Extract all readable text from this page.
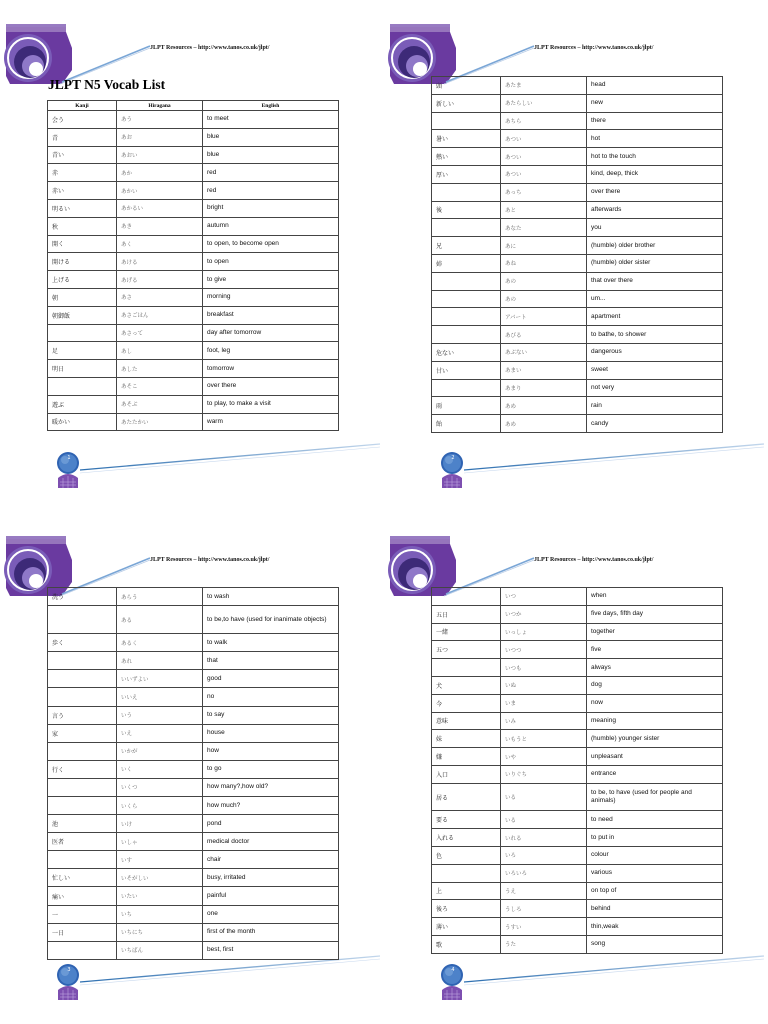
JLPT Resources – http://www.tanos.co.uk/jlpt/
1
JLPT N5 Vocab List
Kanji	Hiragana	English
会う	あう	to meet
青	あお	blue
青い	あおい	blue
赤	あか	red
赤い	あかい	red
明るい	あかるい	bright
秋	あき	autumn
開く	あく	to open, to become open
開ける	あける	to open
上げる	あげる	to give
朝	あさ	morning
朝御飯	あさごはん	breakfast
	あさって	day after tomorrow
足	あし	foot, leg
明日	あした	tomorrow
	あそこ	over there
遊ぶ	あそぶ	to play, to make a visit
暖かい	あたたかい	warm
JLPT Resources – http://www.tanos.co.uk/jlpt/
2
頭	あたま	head
新しい	あたらしい	new
	あちら	there
暑い	あつい	hot
熱い	あつい	hot to the touch
厚い	あつい	kind, deep, thick
	あっち	over there
後	あと	afterwards
	あなた	you
兄	あに	(humble) older brother
姉	あね	(humble) older sister
	あの	that over there
	あの	um...
	アパート	apartment
	あびる	to bathe, to shower
危ない	あぶない	dangerous
甘い	あまい	sweet
	あまり	not very
雨	あめ	rain
飴	あめ	candy
JLPT Resources – http://www.tanos.co.uk/jlpt/
3
洗う	あらう	to wash
	ある	to be,to have (used for inanimate objects)
歩く	あるく	to walk
	あれ	that
	いいずよい	good
	いいえ	no
言う	いう	to say
家	いえ	house
	いかが	how
行く	いく	to go
	いくつ	how many?,how old?
	いくら	how much?
池	いけ	pond
医者	いしゃ	medical doctor
	いす	chair
忙しい	いそがしい	busy, irritated
痛い	いたい	painful
一	いち	one
一日	いちにち	first of the month
	いちばん	best, first
JLPT Resources – http://www.tanos.co.uk/jlpt/
4
	いつ	when
五日	いつか	five days, fifth day
一緒	いっしょ	together
五つ	いつつ	five
	いつも	always
犬	いぬ	dog
今	いま	now
意味	いみ	meaning
妹	いもうと	(humble) younger sister
嫌	いや	unpleasant
入口	いりぐち	entrance
居る	いる	to be, to have (used for people and animals)
要る	いる	to need
入れる	いれる	to put in
色	いろ	colour
	いろいろ	various
上	うえ	on top of
後ろ	うしろ	behind
薄い	うすい	thin,weak
歌	うた	song
